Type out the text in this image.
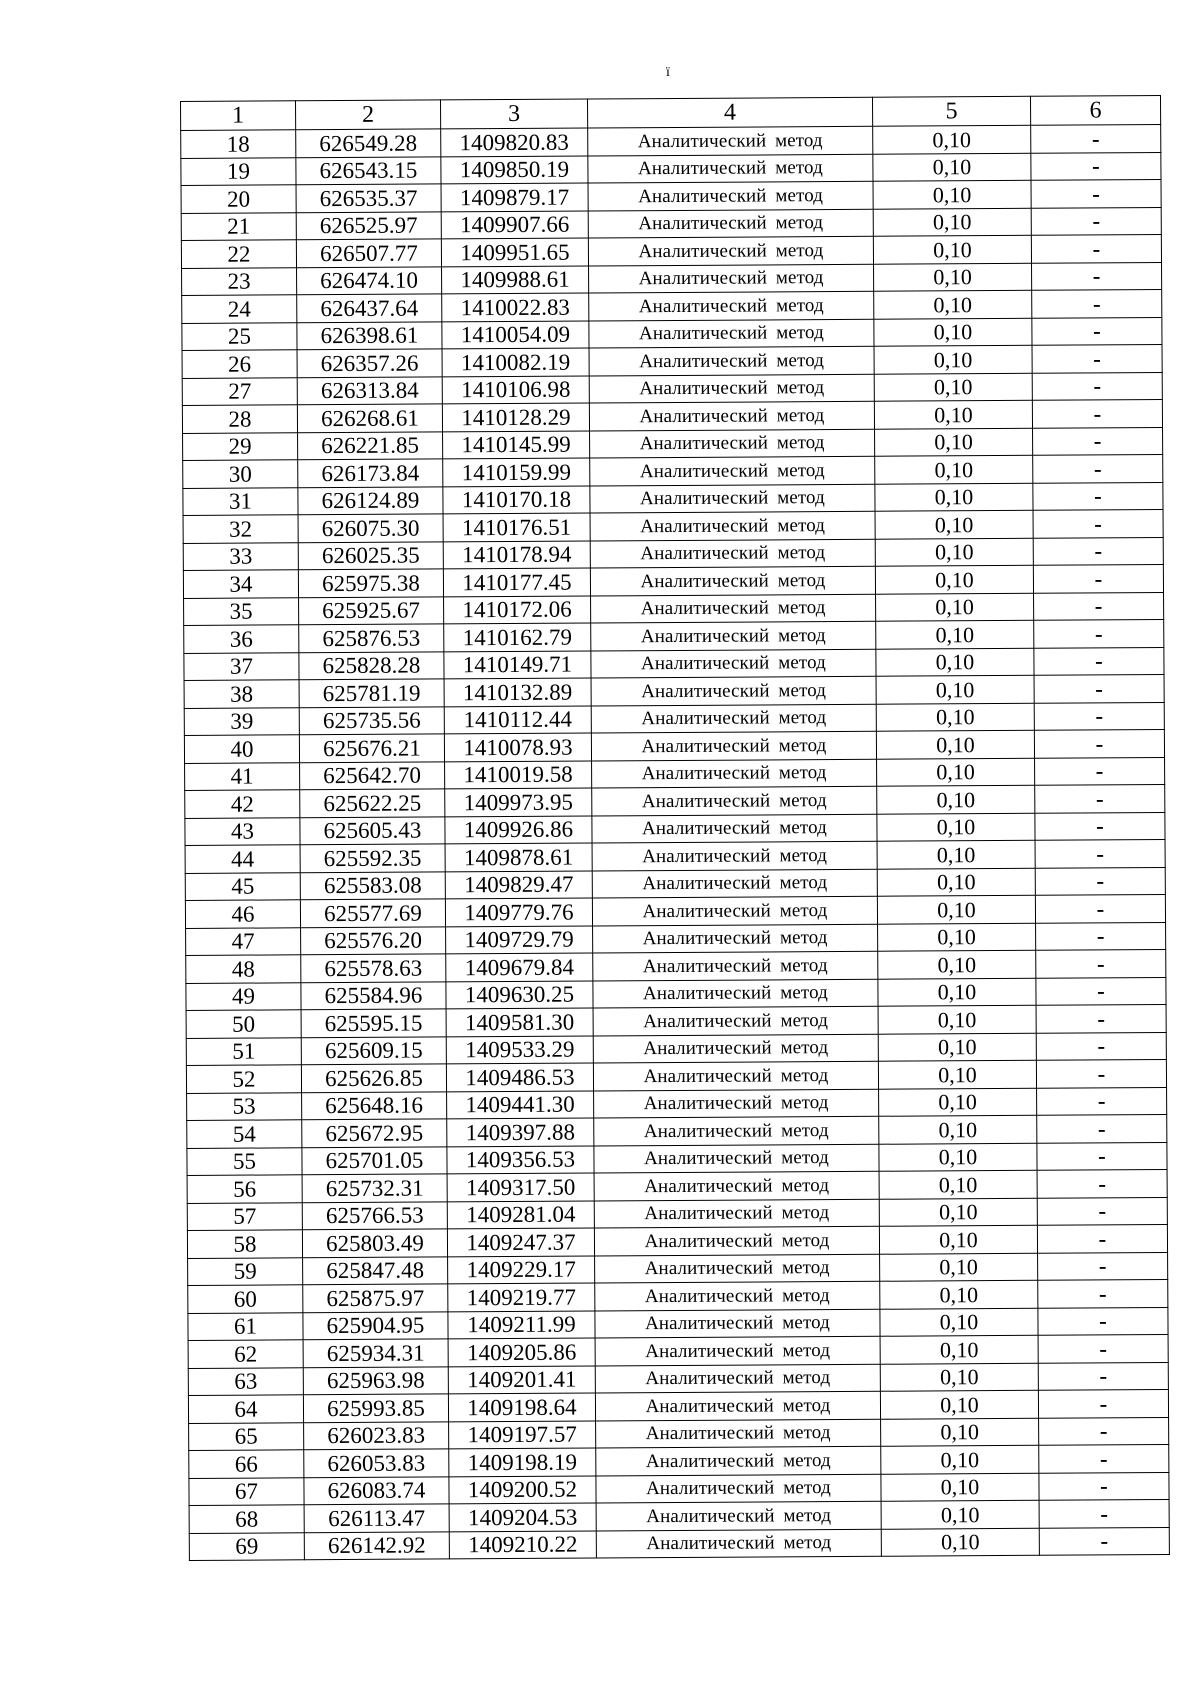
ï
1	2	3	4	5	6
18	626549.28	1409820.83	Аналитический метод	0,10	-
19	626543.15	1409850.19	Аналитический метод	0,10	-
20	626535.37	1409879.17	Аналитический метод	0,10	-
21	626525.97	1409907.66	Аналитический метод	0,10	-
22	626507.77	1409951.65	Аналитический метод	0,10	-
23	626474.10	1409988.61	Аналитический метод	0,10	-
24	626437.64	1410022.83	Аналитический метод	0,10	-
25	626398.61	1410054.09	Аналитический метод	0,10	-
26	626357.26	1410082.19	Аналитический метод	0,10	-
27	626313.84	1410106.98	Аналитический метод	0,10	-
28	626268.61	1410128.29	Аналитический метод	0,10	-
29	626221.85	1410145.99	Аналитический метод	0,10	-
30	626173.84	1410159.99	Аналитический метод	0,10	-
31	626124.89	1410170.18	Аналитический метод	0,10	-
32	626075.30	1410176.51	Аналитический метод	0,10	-
33	626025.35	1410178.94	Аналитический метод	0,10	-
34	625975.38	1410177.45	Аналитический метод	0,10	-
35	625925.67	1410172.06	Аналитический метод	0,10	-
36	625876.53	1410162.79	Аналитический метод	0,10	-
37	625828.28	1410149.71	Аналитический метод	0,10	-
38	625781.19	1410132.89	Аналитический метод	0,10	-
39	625735.56	1410112.44	Аналитический метод	0,10	-
40	625676.21	1410078.93	Аналитический метод	0,10	-
41	625642.70	1410019.58	Аналитический метод	0,10	-
42	625622.25	1409973.95	Аналитический метод	0,10	-
43	625605.43	1409926.86	Аналитический метод	0,10	-
44	625592.35	1409878.61	Аналитический метод	0,10	-
45	625583.08	1409829.47	Аналитический метод	0,10	-
46	625577.69	1409779.76	Аналитический метод	0,10	-
47	625576.20	1409729.79	Аналитический метод	0,10	-
48	625578.63	1409679.84	Аналитический метод	0,10	-
49	625584.96	1409630.25	Аналитический метод	0,10	-
50	625595.15	1409581.30	Аналитический метод	0,10	-
51	625609.15	1409533.29	Аналитический метод	0,10	-
52	625626.85	1409486.53	Аналитический метод	0,10	-
53	625648.16	1409441.30	Аналитический метод	0,10	-
54	625672.95	1409397.88	Аналитический метод	0,10	-
55	625701.05	1409356.53	Аналитический метод	0,10	-
56	625732.31	1409317.50	Аналитический метод	0,10	-
57	625766.53	1409281.04	Аналитический метод	0,10	-
58	625803.49	1409247.37	Аналитический метод	0,10	-
59	625847.48	1409229.17	Аналитический метод	0,10	-
60	625875.97	1409219.77	Аналитический метод	0,10	-
61	625904.95	1409211.99	Аналитический метод	0,10	-
62	625934.31	1409205.86	Аналитический метод	0,10	-
63	625963.98	1409201.41	Аналитический метод	0,10	-
64	625993.85	1409198.64	Аналитический метод	0,10	-
65	626023.83	1409197.57	Аналитический метод	0,10	-
66	626053.83	1409198.19	Аналитический метод	0,10	-
67	626083.74	1409200.52	Аналитический метод	0,10	-
68	626113.47	1409204.53	Аналитический метод	0,10	-
69	626142.92	1409210.22	Аналитический метод	0,10	-
